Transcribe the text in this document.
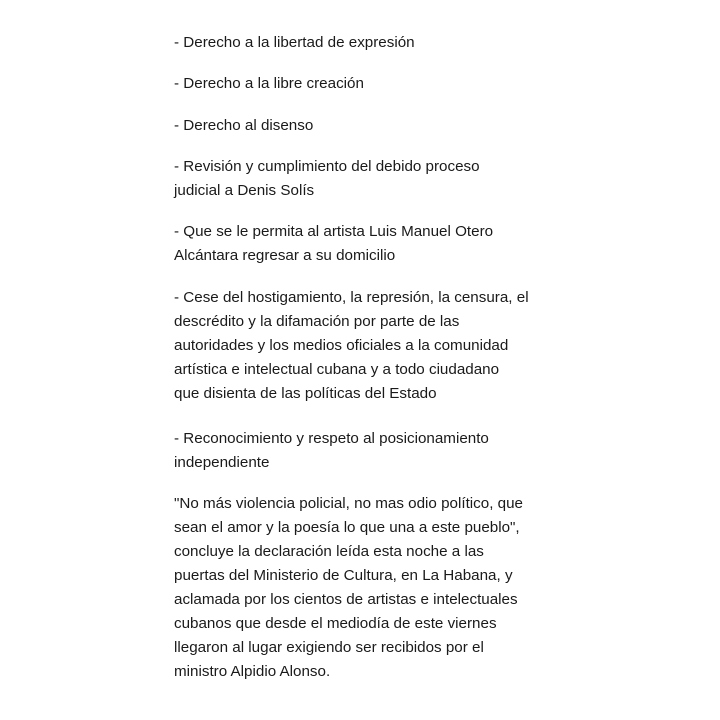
- Derecho a la libertad de expresión

- Derecho a la libre creación

- Derecho al disenso

- Revisión y cumplimiento del debido proceso
judicial a Denis Solís

- Que se le permita al artista Luis Manuel Otero
Alcántara regresar a su domicilio

- Cese del hostigamiento, la represión, la censura, el
descrédito y la difamación por parte de las
autoridades y los medios oficiales a la comunidad
artística e intelectual cubana y a todo ciudadano
que disienta de las políticas del Estado

- Reconocimiento y respeto al posicionamiento
independiente

"No más violencia policial, no mas odio político, que
sean el amor y la poesía lo que una a este pueblo",
concluye la declaración leída esta noche a las
puertas del Ministerio de Cultura, en La Habana, y
aclamada por los cientos de artistas e intelectuales
cubanos que desde el mediodía de este viernes
llegaron al lugar exigiendo ser recibidos por el
ministro Alpidio Alonso.
